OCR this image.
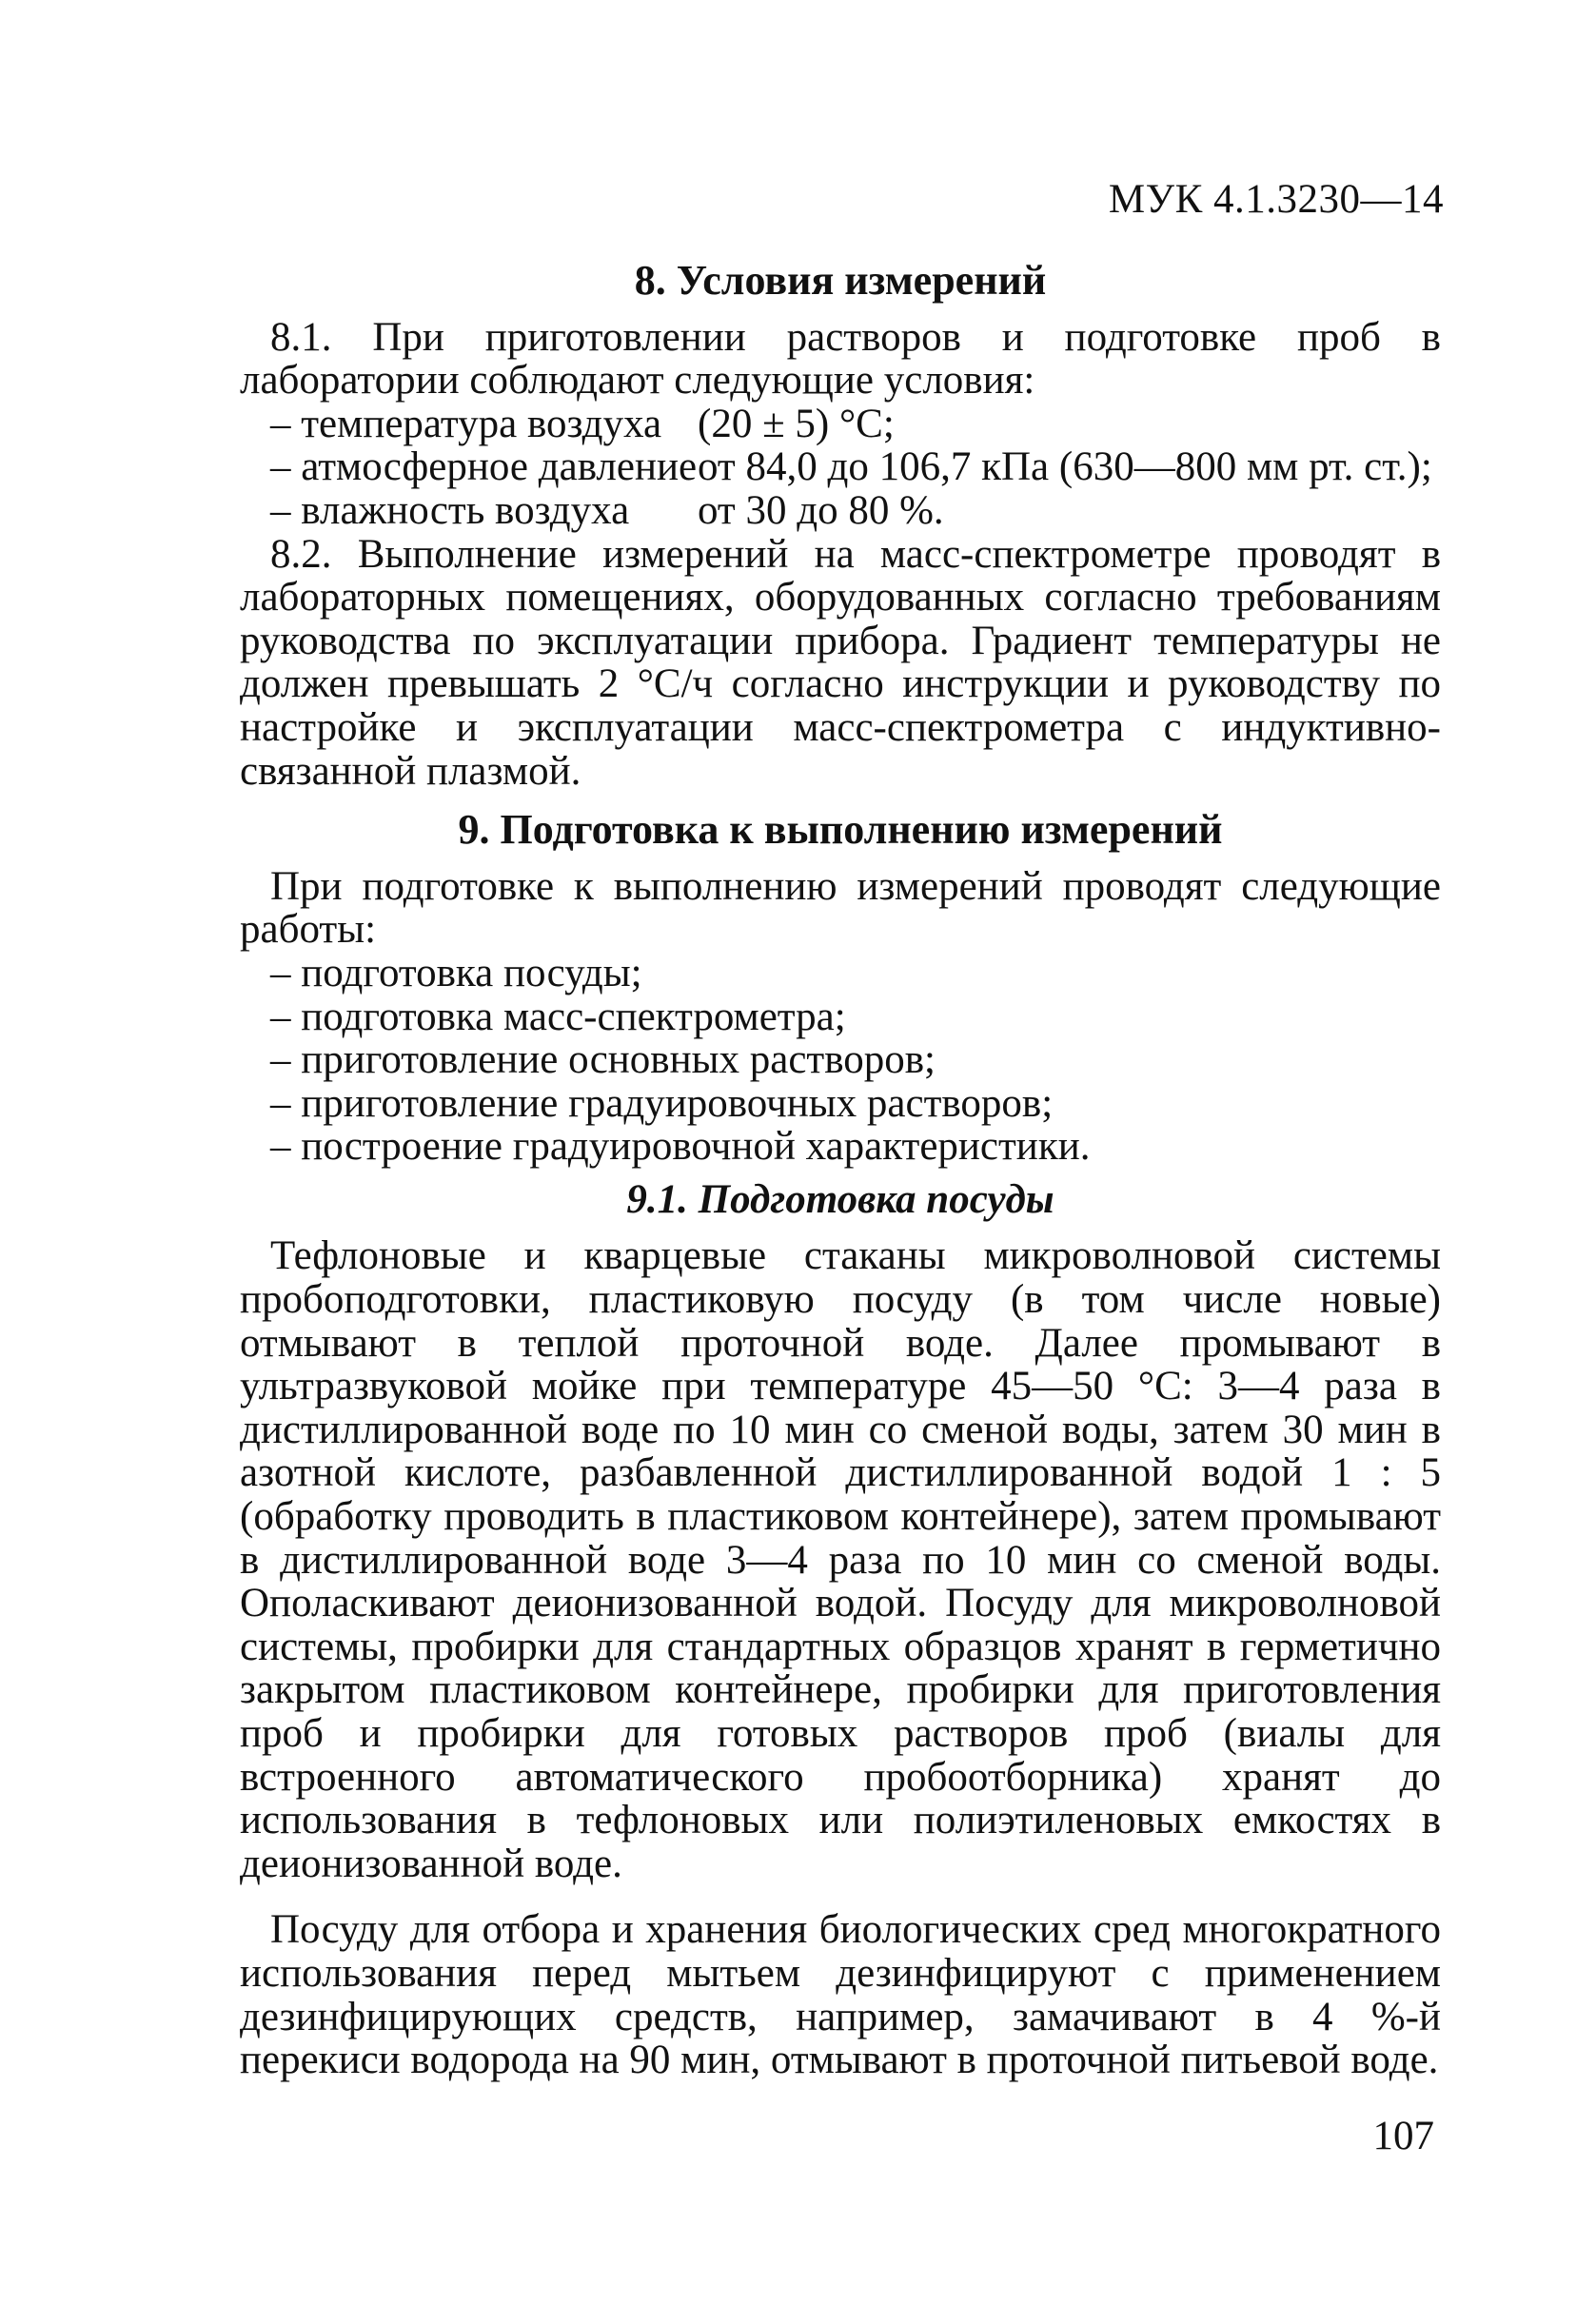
МУК 4.1.3230—14
8. Условия измерений

8.1. При приготовлении растворов и подготовке проб в лаборатории соблюдают следующие условия:

– температура воздуха	(20 ± 5) °С;
– атмосферное давление	от 84,0 до 106,7 кПа (630—800 мм рт. ст.);
– влажность воздуха	от 30 до 80 %.

8.2. Выполнение измерений на масс-спектрометре проводят в лабораторных помещениях, оборудованных согласно требованиям руководства по эксплуатации прибора. Градиент температуры не должен превышать 2 °С/ч согласно инструкции и руководству по настройке и эксплуатации масс-спектрометра с индуктивно-связанной плазмой.

9. Подготовка к выполнению измерений

При подготовке к выполнению измерений проводят следующие работы:

– подготовка посуды;
– подготовка масс-спектрометра;
– приготовление основных растворов;
– приготовление градуировочных растворов;
– построение градуировочной характеристики.
9.1. Подготовка посуды

Тефлоновые и кварцевые стаканы микроволновой системы пробоподготовки, пластиковую посуду (в том числе новые) отмывают в теплой проточной воде. Далее промывают в ультразвуковой мойке при температуре 45—50 °С: 3—4 раза в дистиллированной воде по 10 мин со сменой воды, затем 30 мин в азотной кислоте, разбавленной дистиллированной водой 1 : 5 (обработку проводить в пластиковом контейнере), затем промывают в дистиллированной воде 3—4 раза по 10 мин со сменой воды. Ополаскивают деионизованной водой. Посуду для микроволновой системы, пробирки для стандартных образцов хранят в герметично закрытом пластиковом контейнере, пробирки для приготовления проб и пробирки для готовых растворов проб (виалы для встроенного автоматического пробоотборника) хранят до использования в тефлоновых или полиэтиленовых емкостях в деионизованной воде.

Посуду для отбора и хранения биологических сред многократного использования перед мытьем дезинфицируют с применением дезинфицирующих средств, например, замачивают в 4 %-й перекиси водорода на 90 мин, отмывают в проточной питьевой воде.

107
